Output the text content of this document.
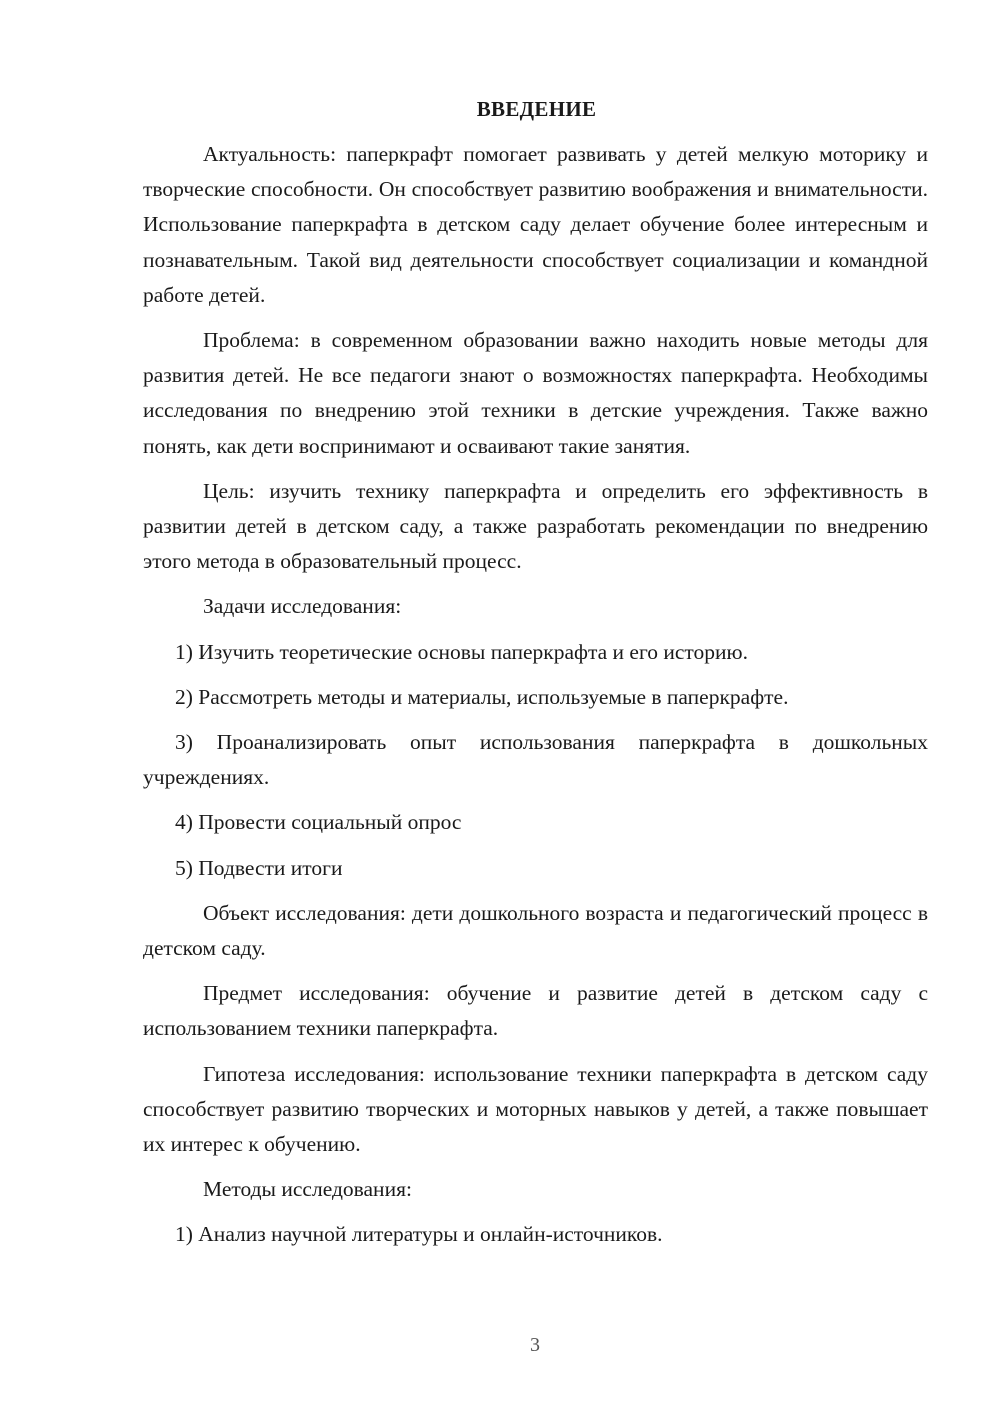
ВВЕДЕНИЕ

Актуальность: паперкрафт помогает развивать у детей мелкую моторику и творческие способности. Он способствует развитию воображения и внимательности. Использование паперкрафта в детском саду делает обучение более интересным и познавательным. Такой вид деятельности способствует социализации и командной работе детей.

Проблема: в современном образовании важно находить новые методы для развития детей. Не все педагоги знают о возможностях паперкрафта. Необходимы исследования по внедрению этой техники в детские учреждения. Также важно понять, как дети воспринимают и осваивают такие занятия.

Цель: изучить технику паперкрафта и определить его эффективность в развитии детей в детском саду, а также разработать рекомендации по внедрению этого метода в образовательный процесс.

Задачи исследования:

1) Изучить теоретические основы паперкрафта и его историю.

2) Рассмотреть методы и материалы, используемые в паперкрафте.

3) Проанализировать опыт использования паперкрафта в дошкольных учреждениях.

4) Провести социальный опрос

5) Подвести итоги

Объект исследования: дети дошкольного возраста и педагогический процесс в детском саду.

Предмет исследования: обучение и развитие детей в детском саду с использованием техники паперкрафта.

Гипотеза исследования: использование техники паперкрафта в детском саду способствует развитию творческих и моторных навыков у детей, а также повышает их интерес к обучению.

Методы исследования:

1) Анализ научной литературы и онлайн-источников.

3
